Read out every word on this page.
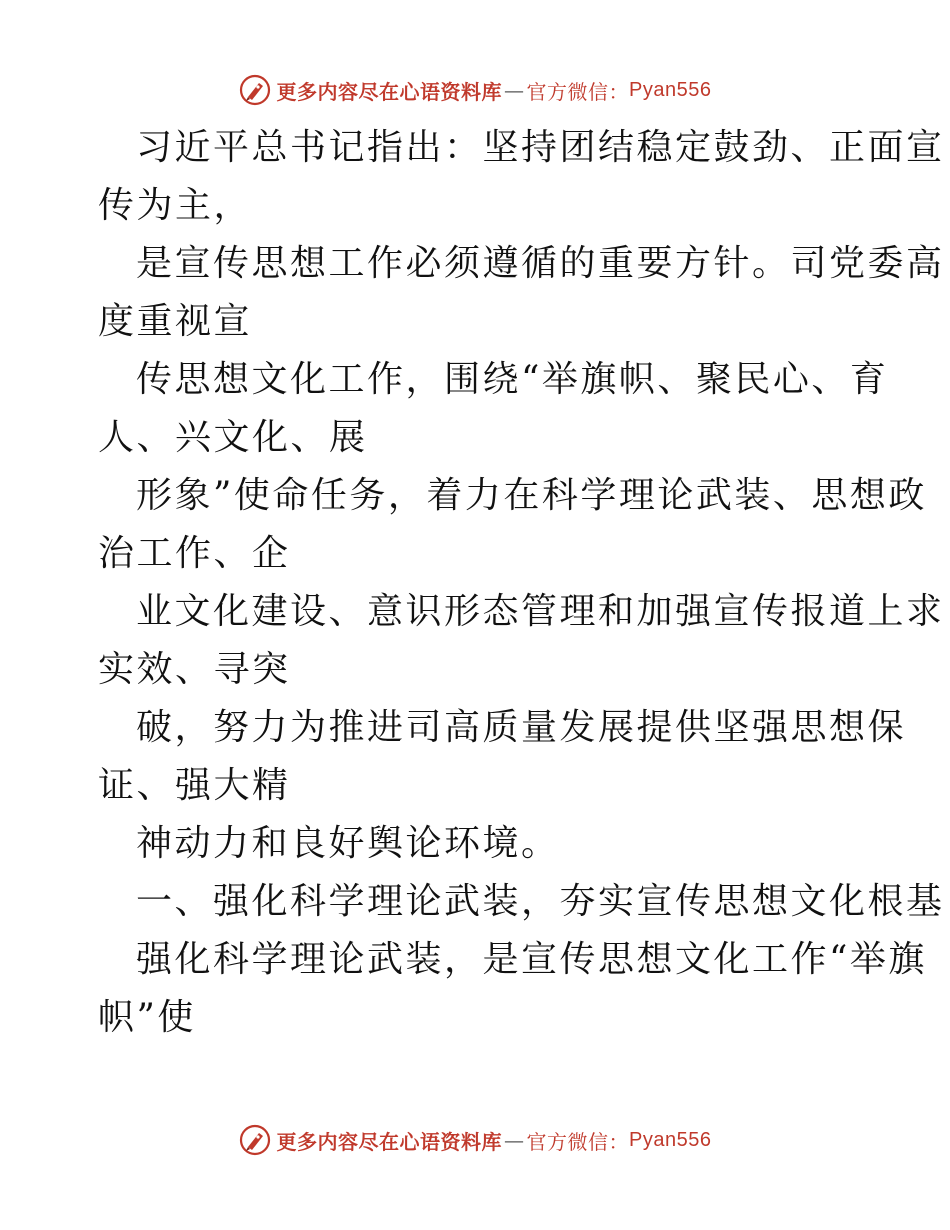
更多内容尽在心语资料库 — 官方微信： Pyan556
习近平总书记指出：坚持团结稳定鼓劲、正面宣
传为主，
是宣传思想工作必须遵循的重要方针。司党委高
度重视宣
传思想文化工作，围绕“举旗帜、聚民心、育
人、兴文化、展
形象”使命任务，着力在科学理论武装、思想政
治工作、企
业文化建设、意识形态管理和加强宣传报道上求
实效、寻突
破，努力为推进司高质量发展提供坚强思想保
证、强大精
神动力和良好舆论环境。
一、强化科学理论武装，夯实宣传思想文化根基
强化科学理论武装，是宣传思想文化工作“举旗
帜”使
更多内容尽在心语资料库 — 官方微信： Pyan556
